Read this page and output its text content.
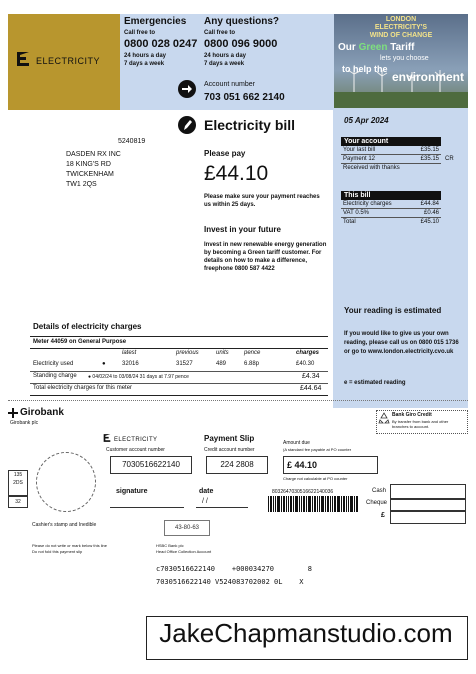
ELECTRICITY
Emergencies
Call free to
0800 028 0247
24 hours a day
7 days a week
Any questions?
Call free to
0800 096 9000
24 hours a day
7 days a week
Account number
703 051 662 2140
LONDON
ELECTRICITY'S
WIND OF CHANGE
Our Green Tariff
lets you choose
to help the
environment
Electricity bill	05 Apr 2024
5240819
DASDEN RX INC
18 KING'S RD
TWICKENHAM
TW1 2QS
Please pay
£44.10
Please make sure your payment reaches us within 25 days.
Invest in your future
Invest in new renewable energy generation by becoming a Green tariff customer. For details on how to make a difference, freephone 0800 587 4422
Your account
Your last bill	£35.15
Payment 12	£35.15 CR
Received with thanks
This bill
Electricity charges	£44.84
VAT 0.5%	£0.46
Total	£45.10
Your reading is estimated
If you would like to give us your own reading, please call us on 0800 015 1736 or go to www.london.electricity.cvo.uk
e = estimated reading
Details of electricity charges
Meter 44059 on General Purpose
latest	previous	units	pence	charges
Electricity used	●	32016	31527	489	6.88p	£40.30
Standing charge ● 04/02/24 to 03/08/24 31 days at 7.97 pence	£4.34
Total electricity charges for this meter	£44.64
Girobank
Girobank plc
ELECTRICITY
Customer account number
7030516622140
Payment Slip
Credit account number
224 2808
Amount due
(A standard fee payable at PO counter
£ 44.10
Charge not calculable at PO counter
Bank Giro Credit
By transfer from bank and other branches to account.
135
2DS
32
signature	date
/ /
8032647030516622140036	Cash
Cheque
£
Cashier's stamp and Inedible	43-80-63
Please do not write or mark below this line
Do not fold this payment slip
HSBC Bank plc
Head Office Collection Account
c7030516622140    +000034270        8
7030516622140 V524083702002 0L    X
JakeChapmanstudio.com
